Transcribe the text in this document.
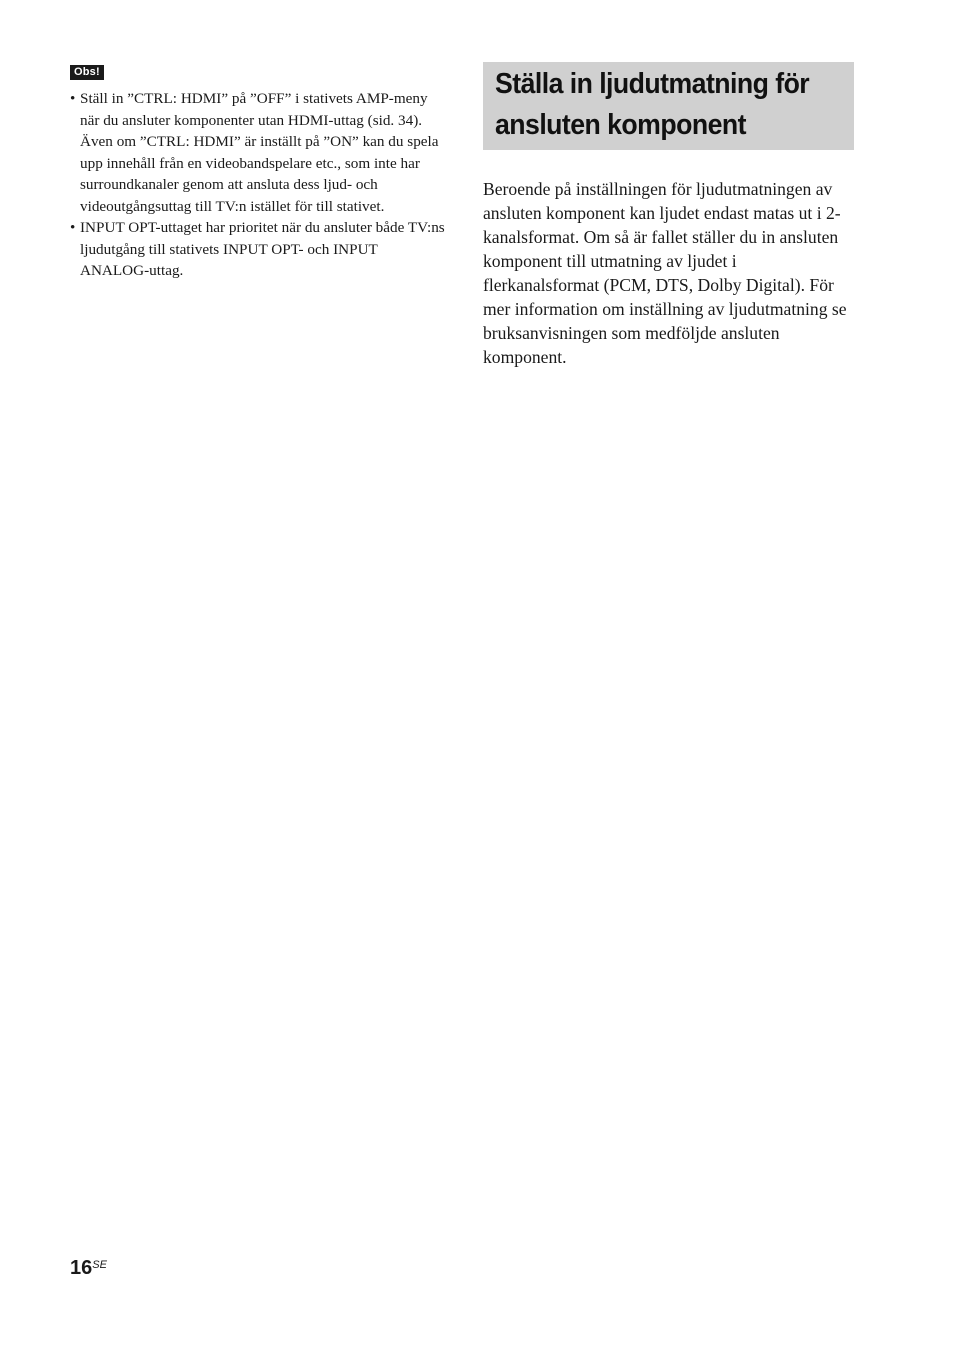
Obs!
• Ställ in ”CTRL: HDMI” på ”OFF” i stativets AMP-meny när du ansluter komponenter utan HDMI-uttag (sid. 34).

Även om ”CTRL: HDMI” är inställt på ”ON” kan du spela upp innehåll från en videobandspelare etc., som inte har surroundkanaler genom att ansluta dess ljud- och videoutgångsuttag till TV:n istället för till stativet.

• INPUT OPT-uttaget har prioritet när du ansluter både TV:ns ljudutgång till stativets INPUT OPT- och INPUT ANALOG-uttag.

Ställa in ljudutmatning för
ansluten komponent

Beroende på inställningen för ljudutmatningen av ansluten komponent kan ljudet endast matas ut i 2-kanalsformat. Om så är fallet ställer du in ansluten komponent till utmatning av ljudet i flerkanalsformat (PCM, DTS, Dolby Digital). För mer information om inställning av ljudutmatning se bruksanvisningen som medföljde ansluten komponent.

$16^{SE}$
